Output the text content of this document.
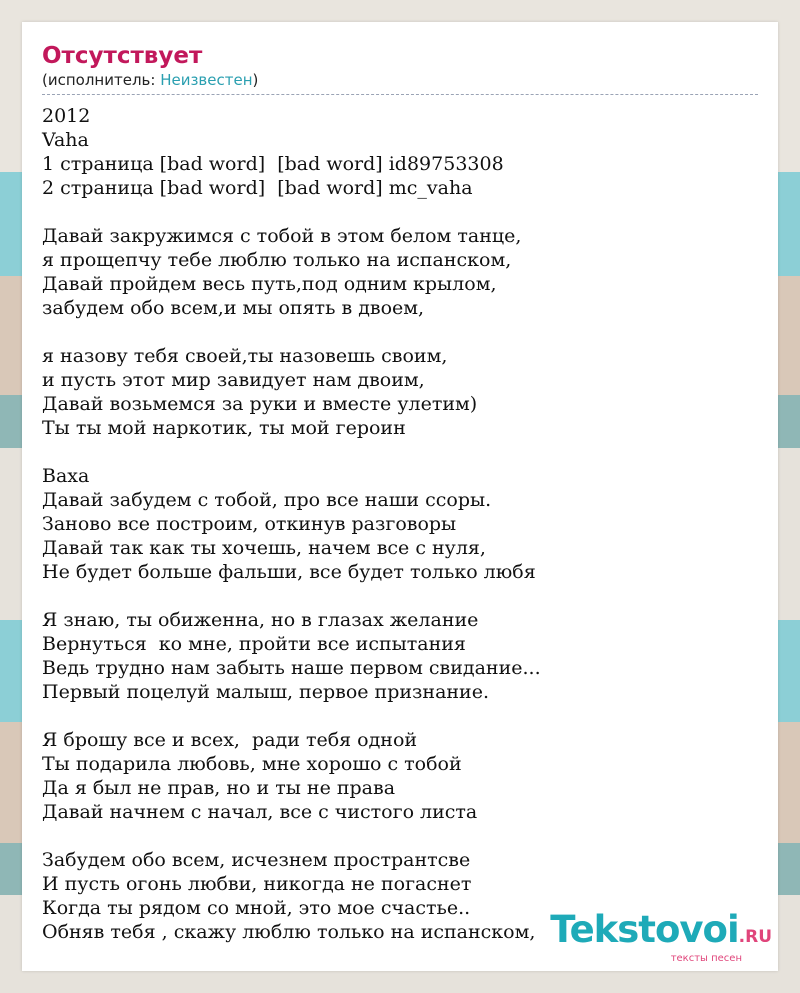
Отсутствует
(исполнитель: Неизвестен)
2012
Vaha
1 страница [bad word]  [bad word] id89753308
2 страница [bad word]  [bad word] mc_vaha

Давай закружимся с тобой в этом белом танце,
я прощепчу тебе люблю только на испанском,
Давай пройдем весь путь,под одним крылом,
забудем обо всем,и мы опять в двоем,

я назову тебя своей,ты назовешь своим,
и пусть этот мир завидует нам двоим,
Давай возьмемся за руки и вместе улетим)
Ты ты мой наркотик, ты мой героин

Ваха
Давай забудем с тобой, про все наши ссоры.
Заново все построим, откинув разговоры
Давай так как ты хочешь, начем все с нуля,
Не будет больше фальши, все будет только любя

Я знаю, ты обиженна, но в глазах желание
Вернуться  ко мне, пройти все испытания
Ведь трудно нам забыть наше первом свидание...
Первый поцелуй малыш, первое признание.

Я брошу все и всех,  ради тебя одной
Ты подарила любовь, мне хорошо с тобой
Да я был не прав, но и ты не права
Давай начнем с начал, все с чистого листа

Забудем обо всем, исчезнем пространтсве
И пусть огонь любви, никогда не погаснет
Когда ты рядом со мной, это мое счастье..
Обняв тебя , скажу люблю только на испанском, Tekstovoi.RU
тексты песен
